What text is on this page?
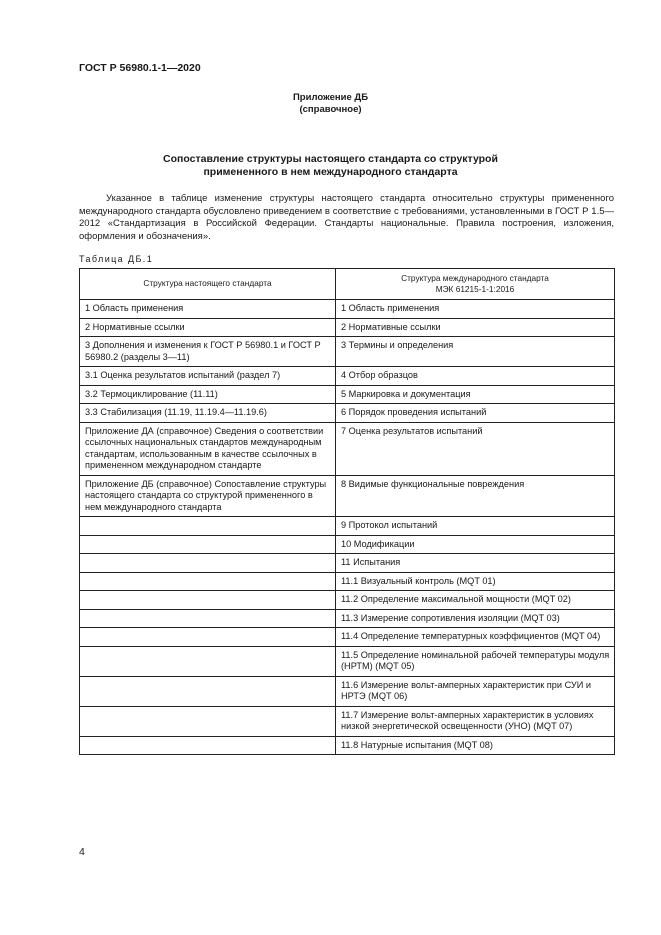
ГОСТ Р 56980.1-1—2020
Приложение ДБ
(справочное)
Сопоставление структуры настоящего стандарта со структурой
примененного в нем международного стандарта

Указанное в таблице изменение структуры настоящего стандарта относительно структуры примененного международного стандарта обусловлено приведением в соответствие с требованиями, установленными в ГОСТ Р 1.5—2012 «Стандартизация в Российской Федерации. Стандарты национальные. Правила построения, изложения, оформления и обозначения».

Таблица ДБ.1
Структура настоящего стандарта	Структура международного стандарта
МЭК 61215-1-1:2016

1 Область применения	1 Область применения
2 Нормативные ссылки	2 Нормативные ссылки
3 Дополнения и изменения к ГОСТ Р 56980.1 и ГОСТ Р 56980.2 (разделы 3—11)	3 Термины и определения
3.1 Оценка результатов испытаний (раздел 7)	4 Отбор образцов
3.2 Термоциклирование (11.11)	5 Маркировка и документация
3.3 Стабилизация (11.19, 11.19.4—11.19.6)	6 Порядок проведения испытаний
Приложение ДА (справочное) Сведения о соответствии ссылочных национальных стандартов международным стандартам, использованным в качестве ссылочных в примененном международном стандарте	7 Оценка результатов испытаний
Приложение ДБ (справочное) Сопоставление структуры настоящего стандарта со структурой примененного в нем международного стандарта	8 Видимые функциональные повреждения
	9 Протокол испытаний
	10 Модификации
	11 Испытания
	11.1 Визуальный контроль (MQT 01)
	11.2 Определение максимальной мощности (MQT 02)
	11.3 Измерение сопротивления изоляции (MQT 03)
	11.4 Определение температурных коэффициентов (MQT 04)
	11.5 Определение номинальной рабочей температуры модуля (НРТМ) (MQT 05)
	11.6 Измерение вольт-амперных характеристик при СУИ и НРТЭ (MQT 06)
	11.7 Измерение вольт-амперных характеристик в условиях низкой энергетической освещенности (УНО) (MQT 07)
	11.8 Натурные испытания (MQT 08)
4
